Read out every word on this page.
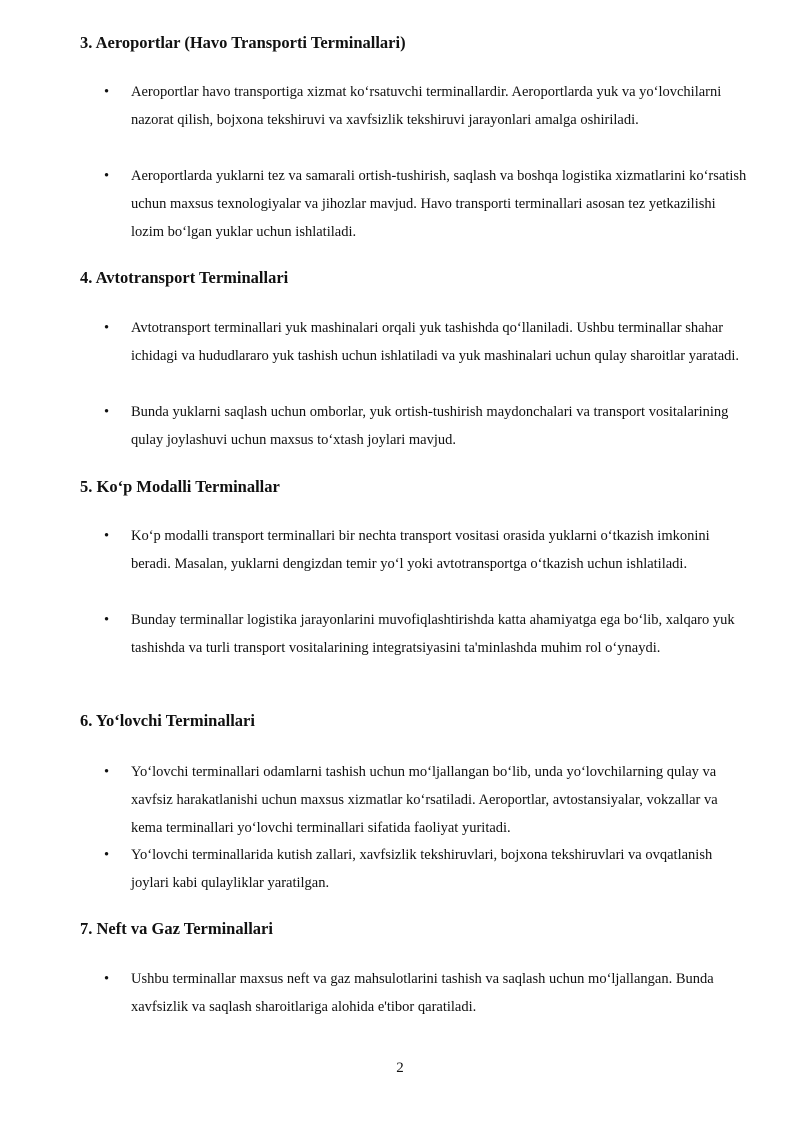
3. Aeroportlar (Havo Transporti Terminallari)
• Aeroportlar havo transportiga xizmat ko‘rsatuvchi terminallardir. Aeroportlarda yuk va yo‘lovchilarni nazorat qilish, bojxona tekshiruvi va xavfsizlik tekshiruvi jarayonlari amalga oshiriladi.

• Aeroportlarda yuklarni tez va samarali ortish-tushirish, saqlash va boshqa logistika xizmatlarini ko‘rsatish uchun maxsus texnologiyalar va jihozlar mavjud. Havo transporti terminallari asosan tez yetkazilishi lozim bo‘lgan yuklar uchun ishlatiladi.

4. Avtotransport Terminallari
• Avtotransport terminallari yuk mashinalari orqali yuk tashishda qo‘llaniladi. Ushbu terminallar shahar ichidagi va hududlararo yuk tashish uchun ishlatiladi va yuk mashinalari uchun qulay sharoitlar yaratadi.

• Bunda yuklarni saqlash uchun omborlar, yuk ortish-tushirish maydonchalari va transport vositalarining qulay joylashuvi uchun maxsus to‘xtash joylari mavjud.

5. Ko‘p Modalli Terminallar
• Ko‘p modalli transport terminallari bir nechta transport vositasi orasida yuklarni o‘tkazish imkonini beradi. Masalan, yuklarni dengizdan temir yo‘l yoki avtotransportga o‘tkazish uchun ishlatiladi.

• Bunday terminallar logistika jarayonlarini muvofiqlashtirishda katta ahamiyatga ega bo‘lib, xalqaro yuk tashishda va turli transport vositalarining integratsiyasini ta'minlashda muhim rol o‘ynaydi.

6. Yo‘lovchi Terminallari
• Yo‘lovchi terminallari odamlarni tashish uchun mo‘ljallangan bo‘lib, unda yo‘lovchilarning qulay va xavfsiz harakatlanishi uchun maxsus xizmatlar ko‘rsatiladi. Aeroportlar, avtostansiyalar, vokzallar va kema terminallari yo‘lovchi terminallari sifatida faoliyat yuritadi.

• Yo‘lovchi terminallarida kutish zallari, xavfsizlik tekshiruvlari, bojxona tekshiruvlari va ovqatlanish joylari kabi qulayliklar yaratilgan.

7. Neft va Gaz Terminallari
• Ushbu terminallar maxsus neft va gaz mahsulotlarini tashish va saqlash uchun mo‘ljallangan. Bunda xavfsizlik va saqlash sharoitlariga alohida e'tibor qaratiladi.

2
